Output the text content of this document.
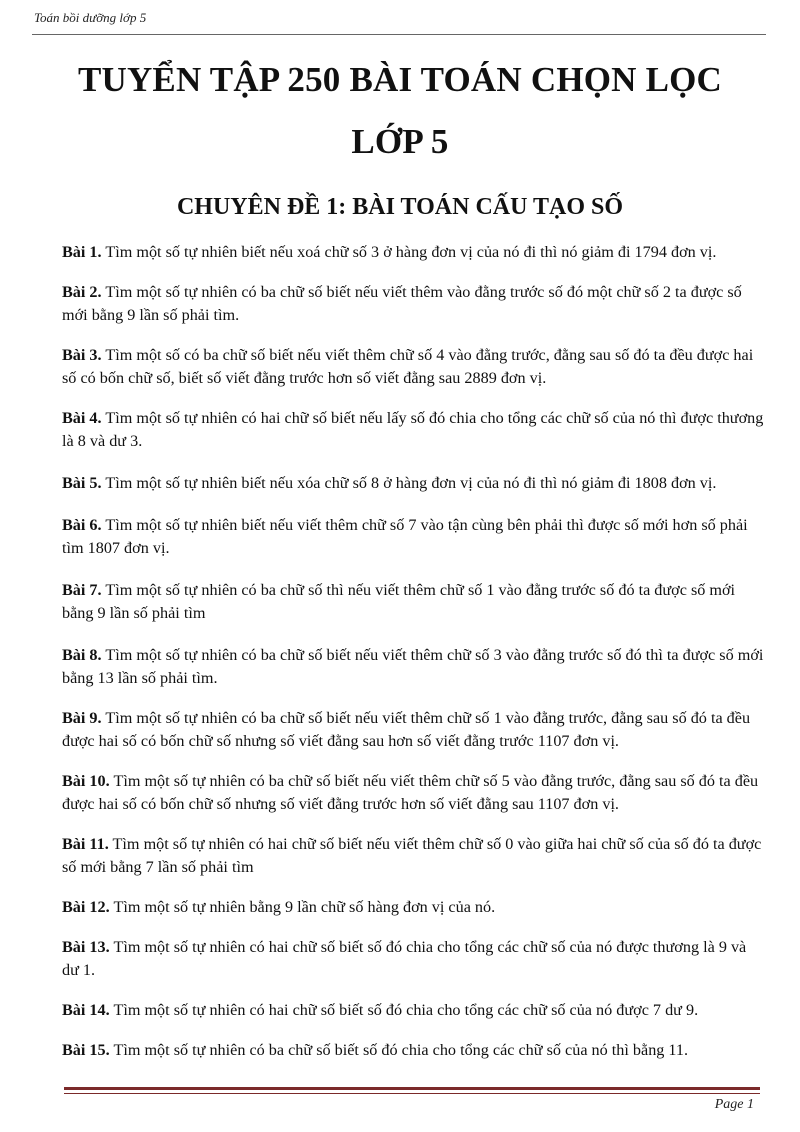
Toán bồi dưỡng lớp 5
TUYỂN TẬP 250 BÀI TOÁN CHỌN LỌC
LỚP 5
CHUYÊN ĐỀ 1: BÀI TOÁN CẤU TẠO SỐ

Bài 1. Tìm một số tự nhiên biết nếu xoá chữ số 3 ở hàng đơn vị của nó đi thì nó giảm đi 1794 đơn vị.

Bài 2. Tìm một số tự nhiên có ba chữ số biết nếu viết thêm vào đằng trước số đó một chữ số 2 ta được số mới bằng 9 lần số phải tìm.

Bài 3. Tìm một số có ba chữ số biết nếu viết thêm chữ số 4 vào đằng trước, đằng sau số đó ta đều được hai số có bốn chữ số, biết số viết đằng trước hơn số viết đằng sau 2889 đơn vị.

Bài 4. Tìm một số tự nhiên có hai chữ số biết nếu lấy số đó chia cho tổng các chữ số của nó thì được thương là 8 và dư 3.

Bài 5. Tìm một số tự nhiên biết nếu xóa chữ số 8 ở hàng đơn vị của nó đi thì nó giảm đi 1808 đơn vị.

Bài 6. Tìm một số tự nhiên biết nếu viết thêm chữ số 7 vào tận cùng bên phải thì được số mới hơn số phải tìm 1807 đơn vị.

Bài 7. Tìm một số tự nhiên có ba chữ số thì nếu viết thêm chữ số 1 vào đằng trước số đó ta được số mới bằng 9 lần số phải tìm

Bài 8. Tìm một số tự nhiên có ba chữ số biết nếu viết thêm chữ số 3 vào đằng trước số đó thì ta được số mới bằng 13 lần số phải tìm.

Bài 9. Tìm một số tự nhiên có ba chữ số biết nếu viết thêm chữ số 1 vào đằng trước, đằng sau số đó ta đều được hai số có bốn chữ số nhưng số viết đằng sau hơn số viết đằng trước 1107 đơn vị.

Bài 10. Tìm một số tự nhiên có ba chữ số biết nếu viết thêm chữ số 5 vào đằng trước, đằng sau số đó ta đều được hai số có bốn chữ số nhưng số viết đằng trước hơn số viết đằng sau 1107 đơn vị.

Bài 11. Tìm một số tự nhiên có hai chữ số biết nếu viết thêm chữ số 0 vào giữa hai chữ số của số đó ta được số mới bằng 7 lần số phải tìm

Bài 12. Tìm một số tự nhiên bằng 9 lần chữ số hàng đơn vị của nó.

Bài 13. Tìm một số tự nhiên có hai chữ số biết số đó chia cho tổng các chữ số của nó được thương là 9 và dư 1.

Bài 14. Tìm một số tự nhiên có hai chữ số biết số đó chia cho tổng các chữ số của nó được 7 dư 9.

Bài 15. Tìm một số tự nhiên có ba chữ số biết số đó chia cho tổng các chữ số của nó thì bằng 11.

Page 1
